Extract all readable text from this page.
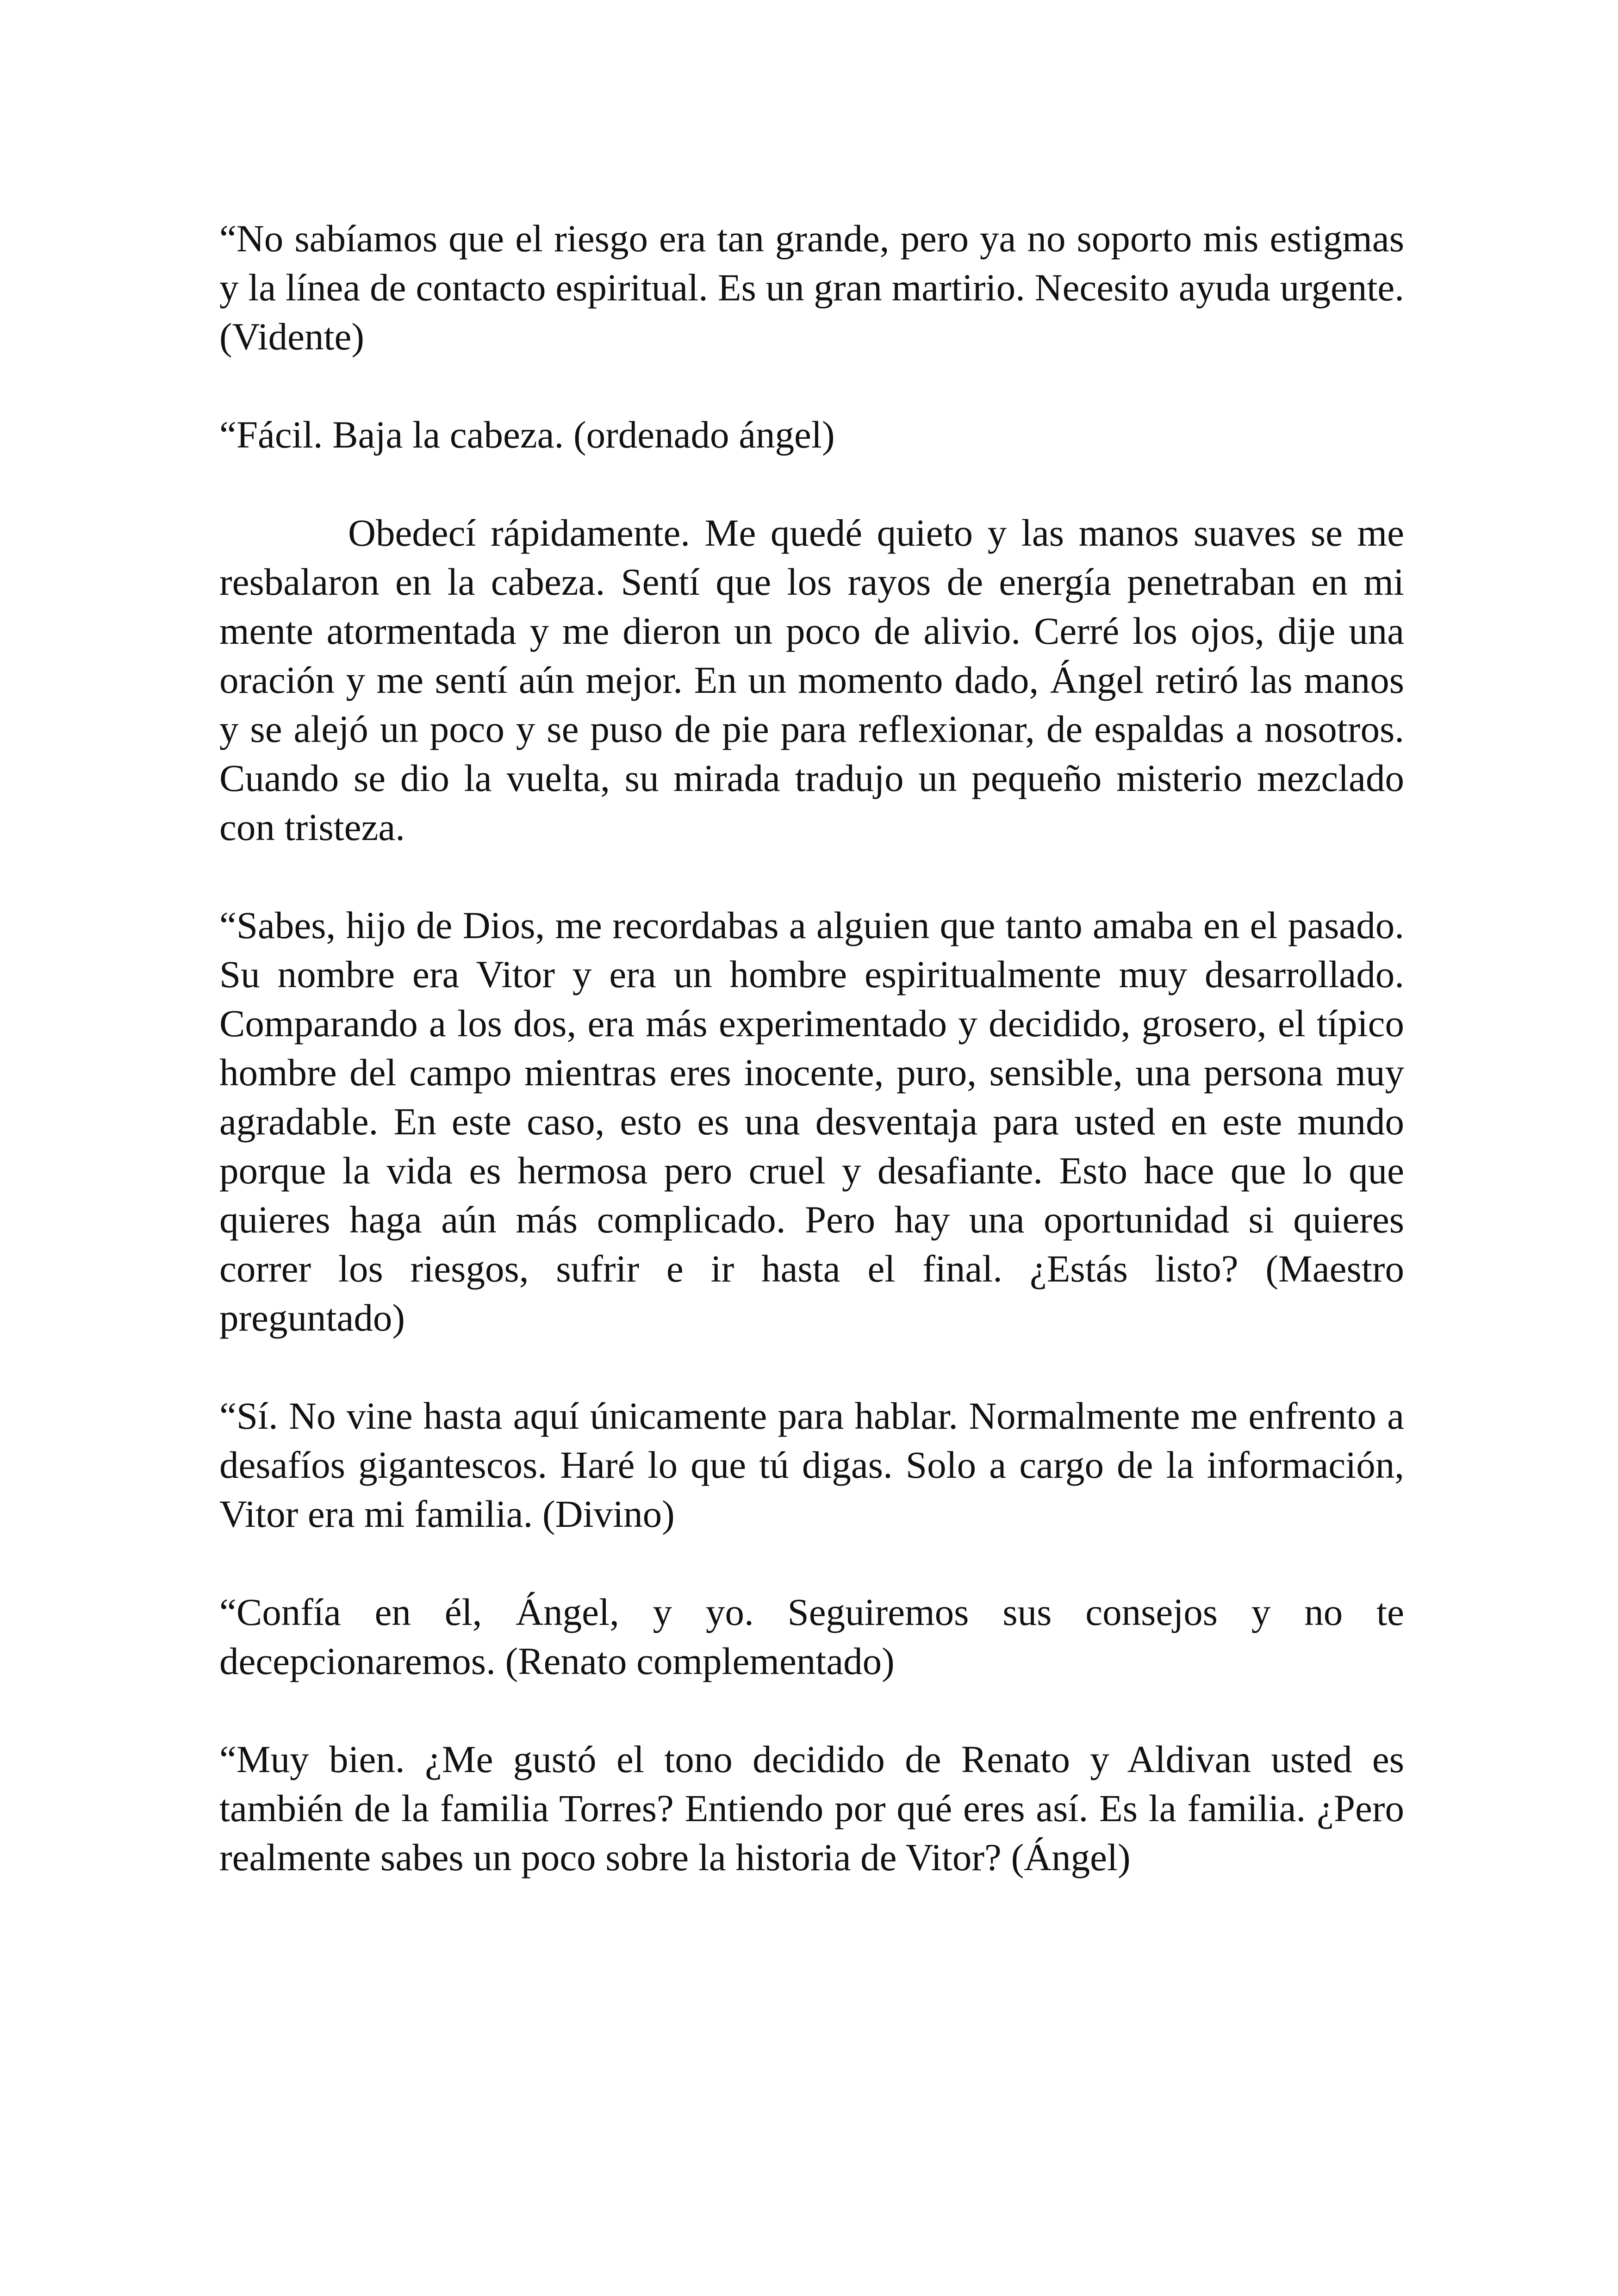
“No sabíamos que el riesgo era tan grande, pero ya no soporto mis estigmas y la línea de contacto espiritual. Es un gran martirio. Necesito ayuda urgente. (Vidente)

“Fácil. Baja la cabeza. (ordenado ángel)

Obedecí rápidamente. Me quedé quieto y las manos suaves se me resbalaron en la cabeza. Sentí que los rayos de energía penetraban en mi mente atormentada y me dieron un poco de alivio. Cerré los ojos, dije una oración y me sentí aún mejor. En un momento dado, Ángel retiró las manos y se alejó un poco y se puso de pie para reflexionar, de espaldas a nosotros. Cuando se dio la vuelta, su mirada tradujo un pequeño misterio mezclado con tristeza.

“Sabes, hijo de Dios, me recordabas a alguien que tanto amaba en el pasado. Su nombre era Vitor y era un hombre espiritualmente muy desarrollado. Comparando a los dos, era más experimentado y decidido, grosero, el típico hombre del campo mientras eres inocente, puro, sensible, una persona muy agradable. En este caso, esto es una desventaja para usted en este mundo porque la vida es hermosa pero cruel y desafiante. Esto hace que lo que quieres haga aún más complicado. Pero hay una oportunidad si quieres correr los riesgos, sufrir e ir hasta el final. ¿Estás listo? (Maestro preguntado)

“Sí. No vine hasta aquí únicamente para hablar. Normalmente me enfrento a desafíos gigantescos. Haré lo que tú digas. Solo a cargo de la información, Vitor era mi familia. (Divino)

“Confía en él, Ángel, y yo. Seguiremos sus consejos y no te decepcionaremos. (Renato complementado)

“Muy bien. ¿Me gustó el tono decidido de Renato y Aldivan usted es también de la familia Torres? Entiendo por qué eres así. Es la familia. ¿Pero realmente sabes un poco sobre la historia de Vitor? (Ángel)
